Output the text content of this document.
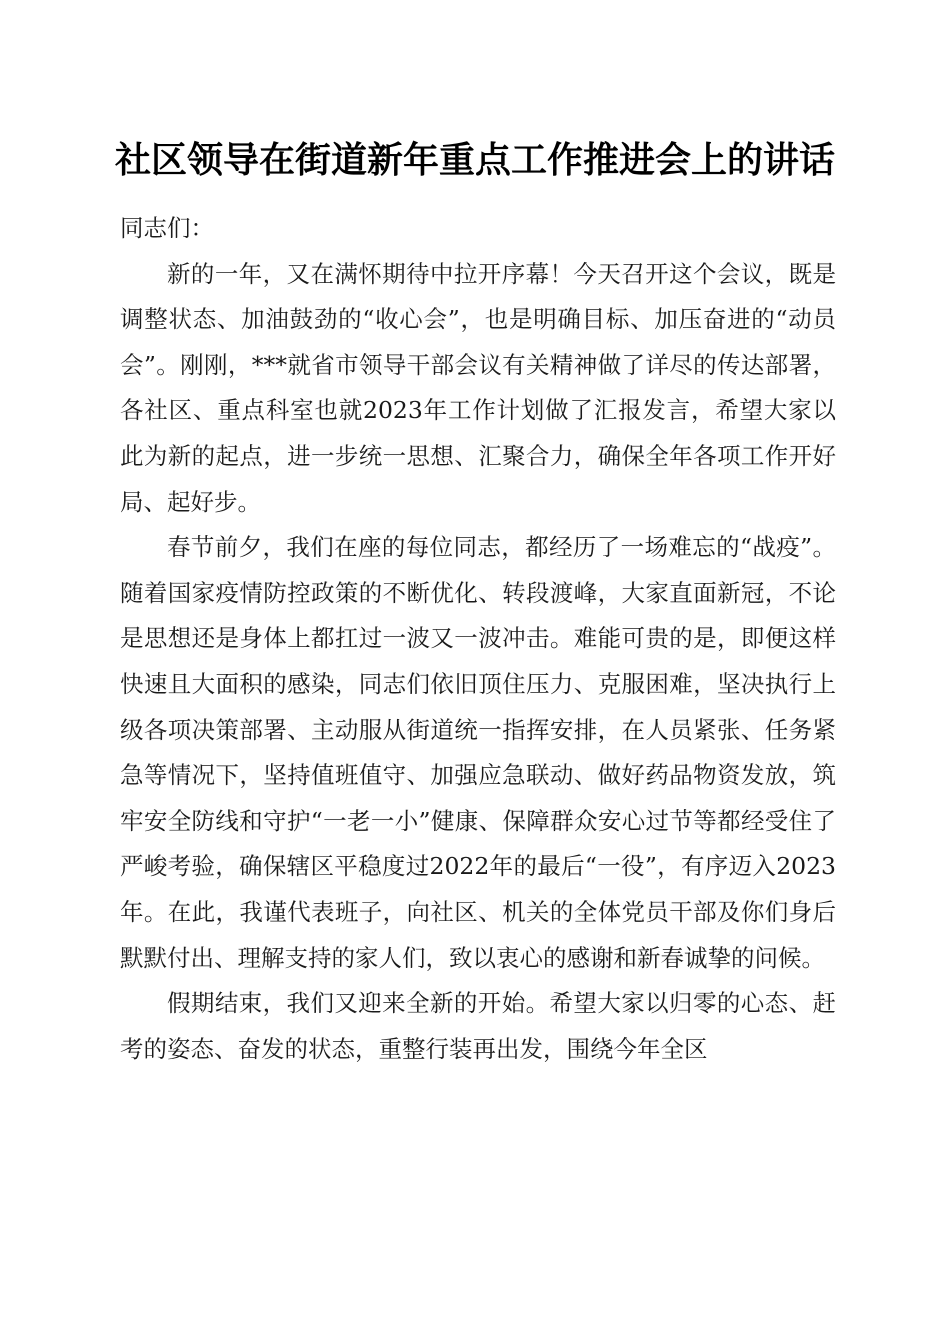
社区领导在街道新年重点工作推进会上的讲话

同志们：

新的一年，又在满怀期待中拉开序幕！今天召开这个会议，既是调整状态、加油鼓劲的“收心会”，也是明确目标、加压奋进的“动员会”。刚刚，***就省市领导干部会议有关精神做了详尽的传达部署，各社区、重点科室也就2023年工作计划做了汇报发言，希望大家以此为新的起点，进一步统一思想、汇聚合力，确保全年各项工作开好局、起好步。

春节前夕，我们在座的每位同志，都经历了一场难忘的“战疫”。随着国家疫情防控政策的不断优化、转段渡峰，大家直面新冠，不论是思想还是身体上都扛过一波又一波冲击。难能可贵的是，即便这样快速且大面积的感染，同志们依旧顶住压力、克服困难，坚决执行上级各项决策部署、主动服从街道统一指挥安排，在人员紧张、任务紧急等情况下，坚持值班值守、加强应急联动、做好药品物资发放，筑牢安全防线和守护“一老一小”健康、保障群众安心过节等都经受住了严峻考验，确保辖区平稳度过2022年的最后“一役”，有序迈入2023年。在此，我谨代表班子，向社区、机关的全体党员干部及你们身后默默付出、理解支持的家人们，致以衷心的感谢和新春诚挚的问候。

假期结束，我们又迎来全新的开始。希望大家以归零的心态、赶考的姿态、奋发的状态，重整行装再出发，围绕今年全区
